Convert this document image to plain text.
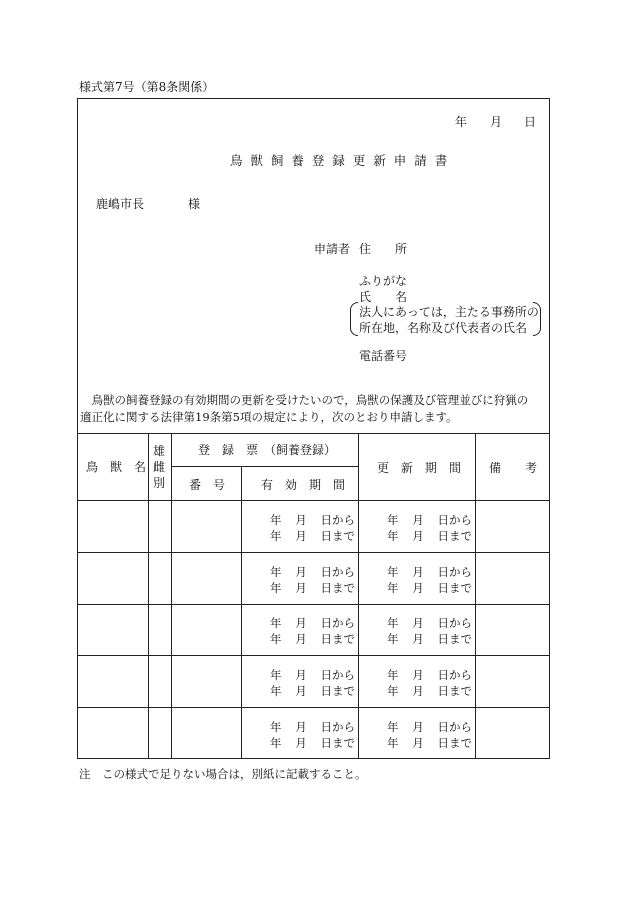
様式第7号（第8条関係）
年 月 日
鳥 獣 飼 養 登 録 更 新 申 請 書
鹿嶋市長	様
申請者 住　　所
ふりがな
氏　　名
法人にあっては，主たる事務所の
所在地，名称及び代表者の氏名
電話番号
　鳥獣の飼養登録の有効期間の更新を受けたいので，鳥獣の保護及び管理並びに狩猟の
適正化に関する法律第19条第5項の規定により，次のとおり申請します。
鳥　獣　名
雄
雌
別
登　録　票　（飼養登録）
番　号	有　効　期　間
更　新　期　間 備　　考
年 月 日から
年 月 日まで
年 月 日から
年 月 日まで
年 月 日から
年 月 日まで
年 月 日から
年 月 日まで
年 月 日から
年 月 日まで
年 月 日から
年 月 日まで
年 月 日から
年 月 日まで
年 月 日から
年 月 日まで
年 月 日から
年 月 日まで
年 月 日から
年 月 日まで
注　この様式で足りない場合は，別紙に記載すること。
